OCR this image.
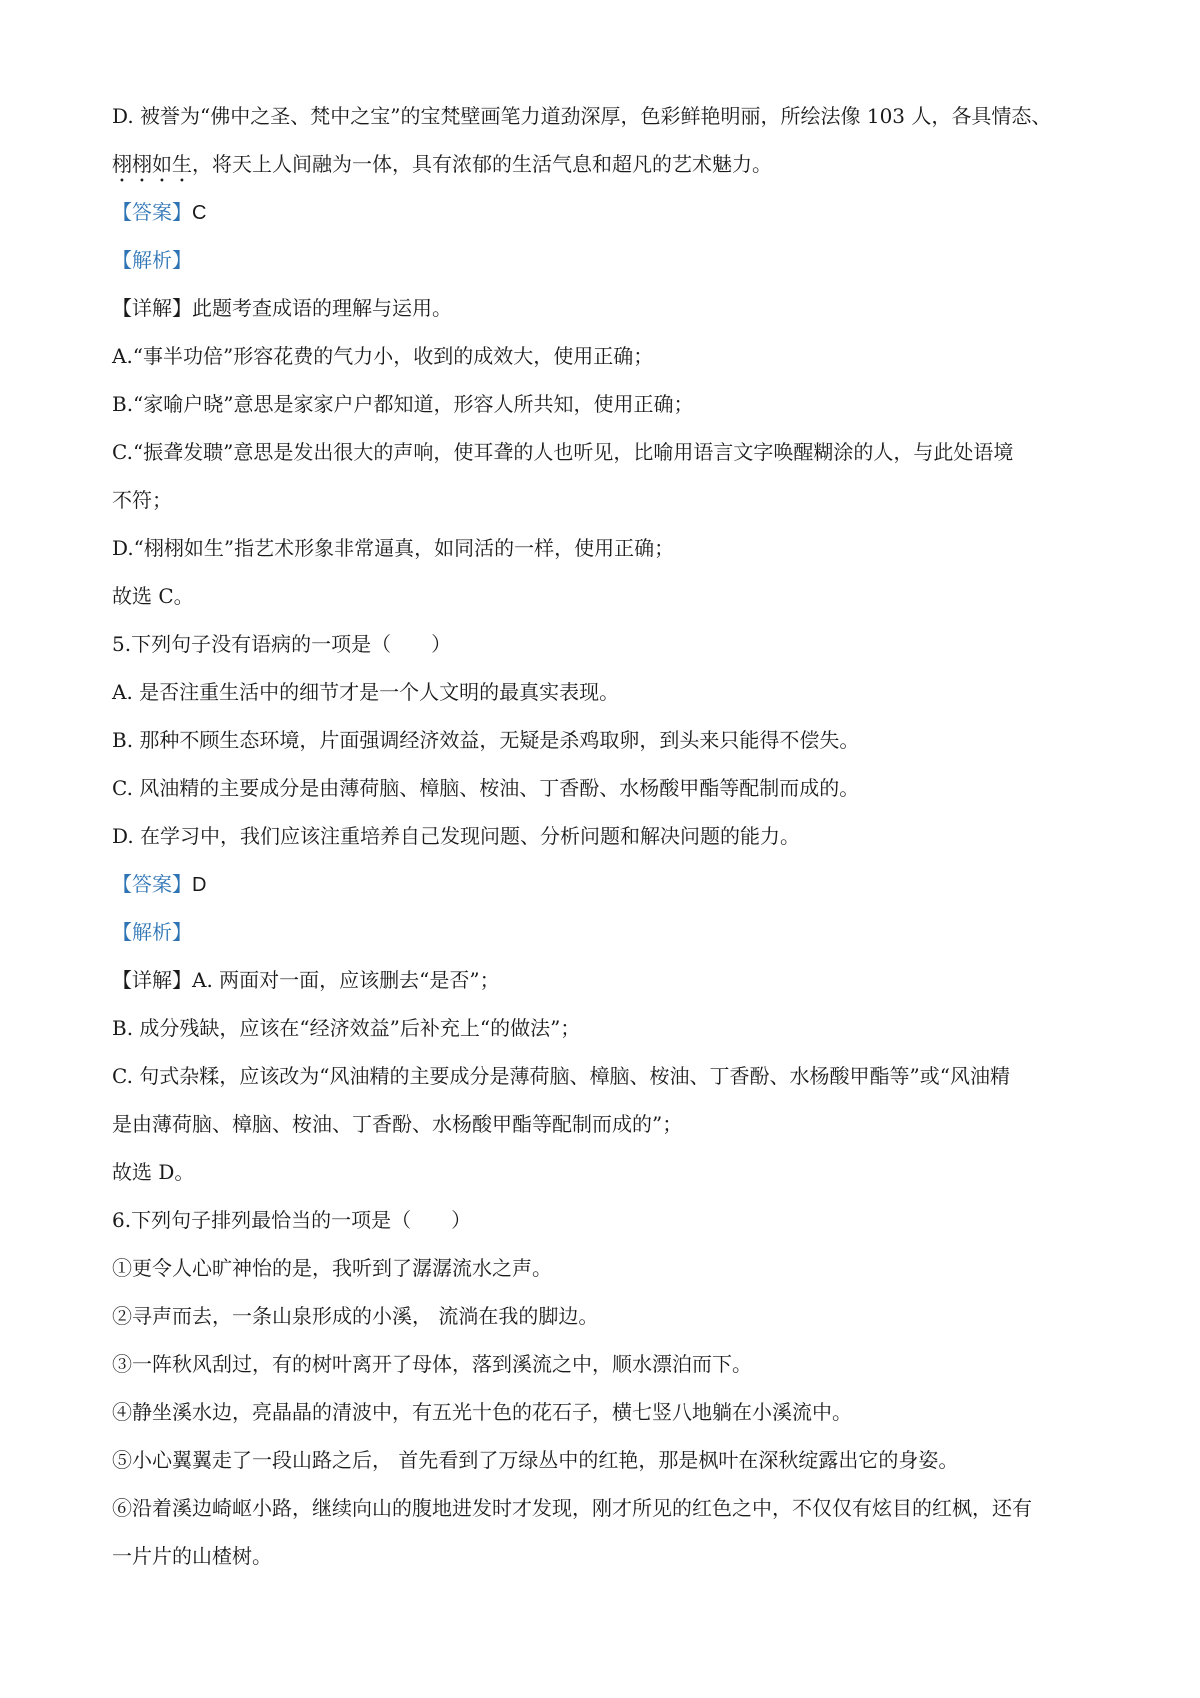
D. 被誉为“佛中之圣、梵中之宝”的宝梵壁画笔力道劲深厚，色彩鲜艳明丽，所绘法像 103 人，各具情态、
栩栩如生，将天上人间融为一体，具有浓郁的生活气息和超凡的艺术魅力。
【答案】C
【解析】
【详解】此题考查成语的理解与运用。
A.“事半功倍”形容花费的气力小，收到的成效大，使用正确；
B.“家喻户晓”意思是家家户户都知道，形容人所共知，使用正确；
C.“振聋发聩”意思是发出很大的声响，使耳聋的人也听见，比喻用语言文字唤醒糊涂的人，与此处语境
不符；
D.“栩栩如生”指艺术形象非常逼真，如同活的一样，使用正确；
故选 C。
5.下列句子没有语病的一项是（　　）
A. 是否注重生活中的细节才是一个人文明的最真实表现。
B. 那种不顾生态环境，片面强调经济效益，无疑是杀鸡取卵，到头来只能得不偿失。
C. 风油精的主要成分是由薄荷脑、樟脑、桉油、丁香酚、水杨酸甲酯等配制而成的。
D. 在学习中，我们应该注重培养自己发现问题、分析问题和解决问题的能力。
【答案】D
【解析】
【详解】A. 两面对一面，应该删去“是否”；
B. 成分残缺，应该在“经济效益”后补充上“的做法”；
C. 句式杂糅，应该改为“风油精的主要成分是薄荷脑、樟脑、桉油、丁香酚、水杨酸甲酯等”或“风油精
是由薄荷脑、樟脑、桉油、丁香酚、水杨酸甲酯等配制而成的”；
故选 D。
6.下列句子排列最恰当的一项是（　　）
①更令人心旷神怡的是，我听到了潺潺流水之声。
②寻声而去，一条山泉形成的小溪， 流淌在我的脚边。
③一阵秋风刮过，有的树叶离开了母体，落到溪流之中，顺水漂泊而下。
④静坐溪水边，亮晶晶的清波中，有五光十色的花石子，横七竖八地躺在小溪流中。
⑤小心翼翼走了一段山路之后， 首先看到了万绿丛中的红艳，那是枫叶在深秋绽露出它的身姿。
⑥沿着溪边崎岖小路，继续向山的腹地进发时才发现，刚才所见的红色之中，不仅仅有炫目的红枫，还有
一片片的山楂树。
